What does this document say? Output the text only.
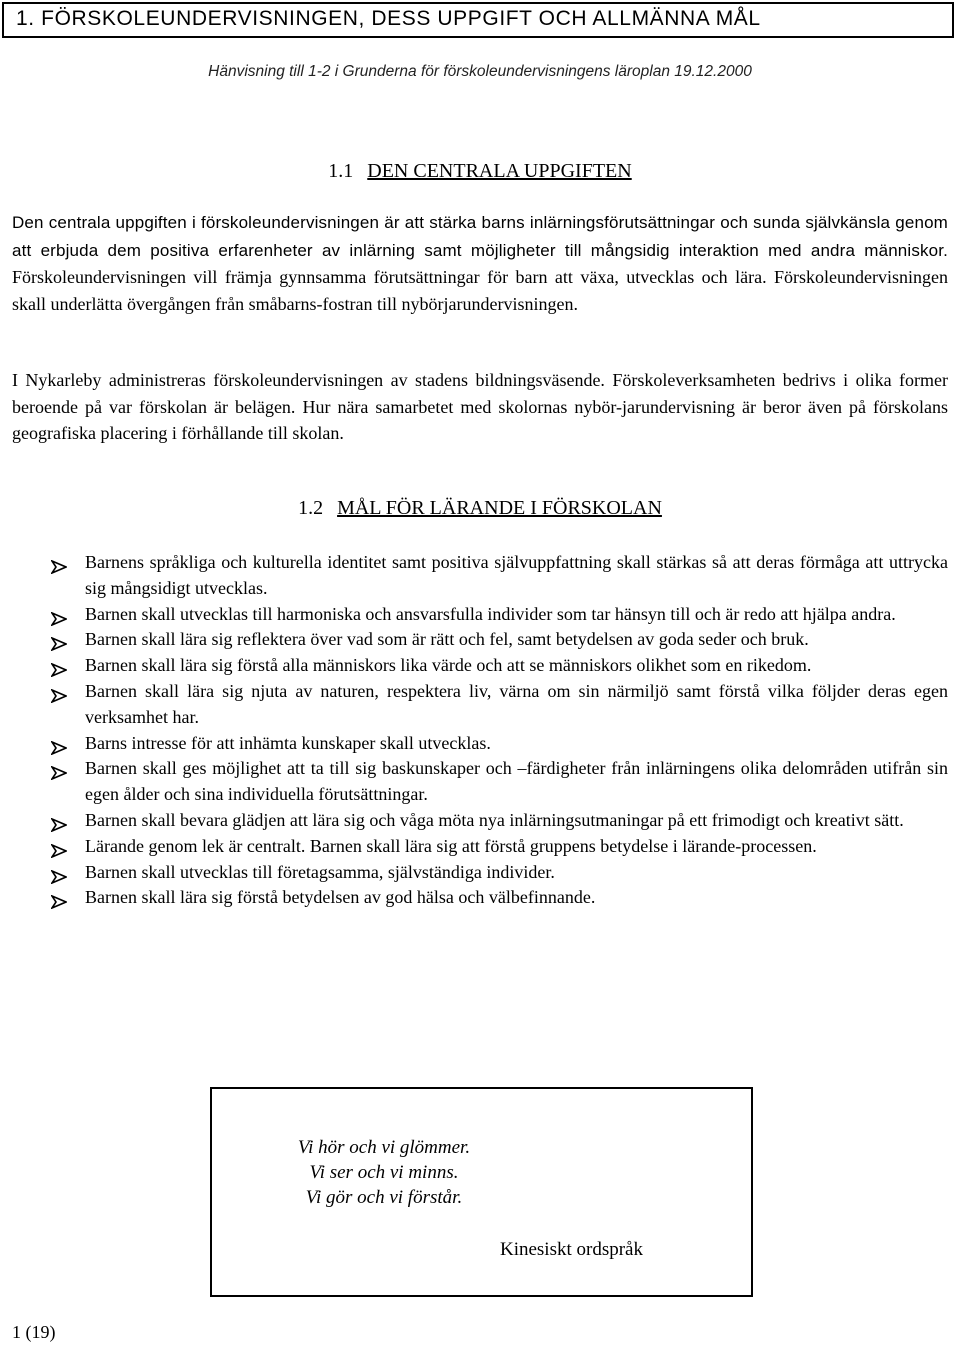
1. FÖRSKOLEUNDERVISNINGEN, DESS UPPGIFT OCH ALLMÄNNA MÅL
Hänvisning till 1-2 i Grunderna för förskoleundervisningens läroplan 19.12.2000
1.1 DEN CENTRALA UPPGIFTEN
Den centrala uppgiften i förskoleundervisningen är att stärka barns inlärningsförutsättningar och sunda självkänsla genom att erbjuda dem positiva erfarenheter av inlärning samt möjligheter till mångsidig interaktion med andra människor. Förskoleundervisningen vill främja gynnsamma förutsättningar för barn att växa, utvecklas och lära. Förskoleundervisningen skall underlätta övergången från småbarns-fostran till nybörjarundervisningen.
I Nykarleby administreras förskoleundervisningen av stadens bildningsväsende. Förskoleverksamheten bedrivs i olika former beroende på var förskolan är belägen. Hur nära samarbetet med skolornas nybör-jarundervisning är beror även på förskolans geografiska placering i förhållande till skolan.
1.2 MÅL FÖR LÄRANDE I FÖRSKOLAN
Barnens språkliga och kulturella identitet samt positiva självuppfattning skall stärkas så att deras förmåga att uttrycka sig mångsidigt utvecklas.
Barnen skall utvecklas till harmoniska och ansvarsfulla individer som tar hänsyn till och är redo att hjälpa andra.
Barnen skall lära sig reflektera över vad som är rätt och fel, samt betydelsen av goda seder och bruk.
Barnen skall lära sig förstå alla människors lika värde och att se människors olikhet som en rikedom.
Barnen skall lära sig njuta av naturen, respektera liv, värna om sin närmiljö samt förstå vilka följder deras egen verksamhet har.
Barns intresse för att inhämta kunskaper skall utvecklas.
Barnen skall ges möjlighet att ta till sig baskunskaper och –färdigheter från inlärningens olika delområden utifrån sin egen ålder och sina individuella förutsättningar.
Barnen skall bevara glädjen att lära sig och våga möta nya inlärningsutmaningar på ett frimodigt och kreativt sätt.
Lärande genom lek är centralt. Barnen skall lära sig att förstå gruppens betydelse i lärande-processen.
Barnen skall utvecklas till företagsamma, självständiga individer.
Barnen skall lära sig förstå betydelsen av god hälsa och välbefinnande.
Vi hör och vi glömmer.
Vi ser och vi minns.
Vi gör och vi förstår.
Kinesiskt ordspråk
1 (19)
